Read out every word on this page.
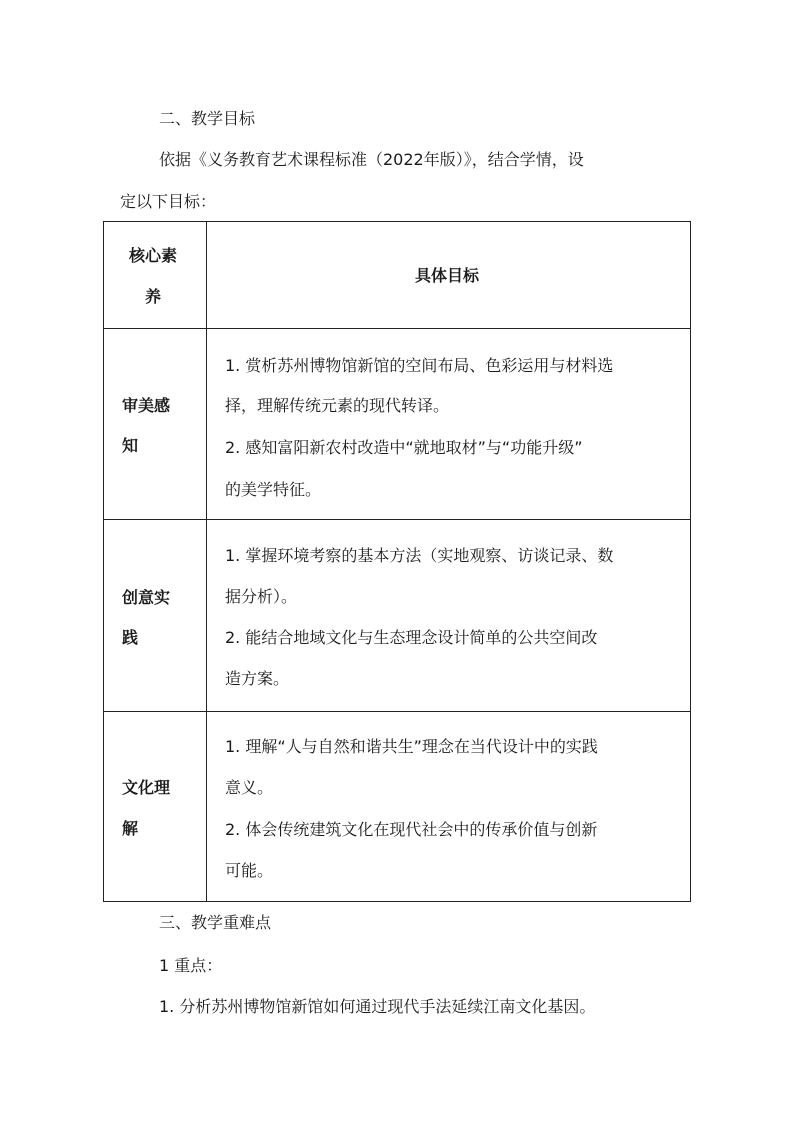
二、教学目标
依据《义务教育艺术课程标准（2022年版）》，结合学情，设
定以下目标：
核心素
养
具体目标
审美感
知
1. 赏析苏州博物馆新馆的空间布局、色彩运用与材料选
择，理解传统元素的现代转译。
2. 感知富阳新农村改造中“就地取材”与“功能升级”
的美学特征。
创意实
践
1. 掌握环境考察的基本方法（实地观察、访谈记录、数
据分析）。
2. 能结合地域文化与生态理念设计简单的公共空间改
造方案。
文化理
解
1. 理解“人与自然和谐共生”理念在当代设计中的实践
意义。
2. 体会传统建筑文化在现代社会中的传承价值与创新
可能。
三、教学重难点
1 重点：
1. 分析苏州博物馆新馆如何通过现代手法延续江南文化基因。
